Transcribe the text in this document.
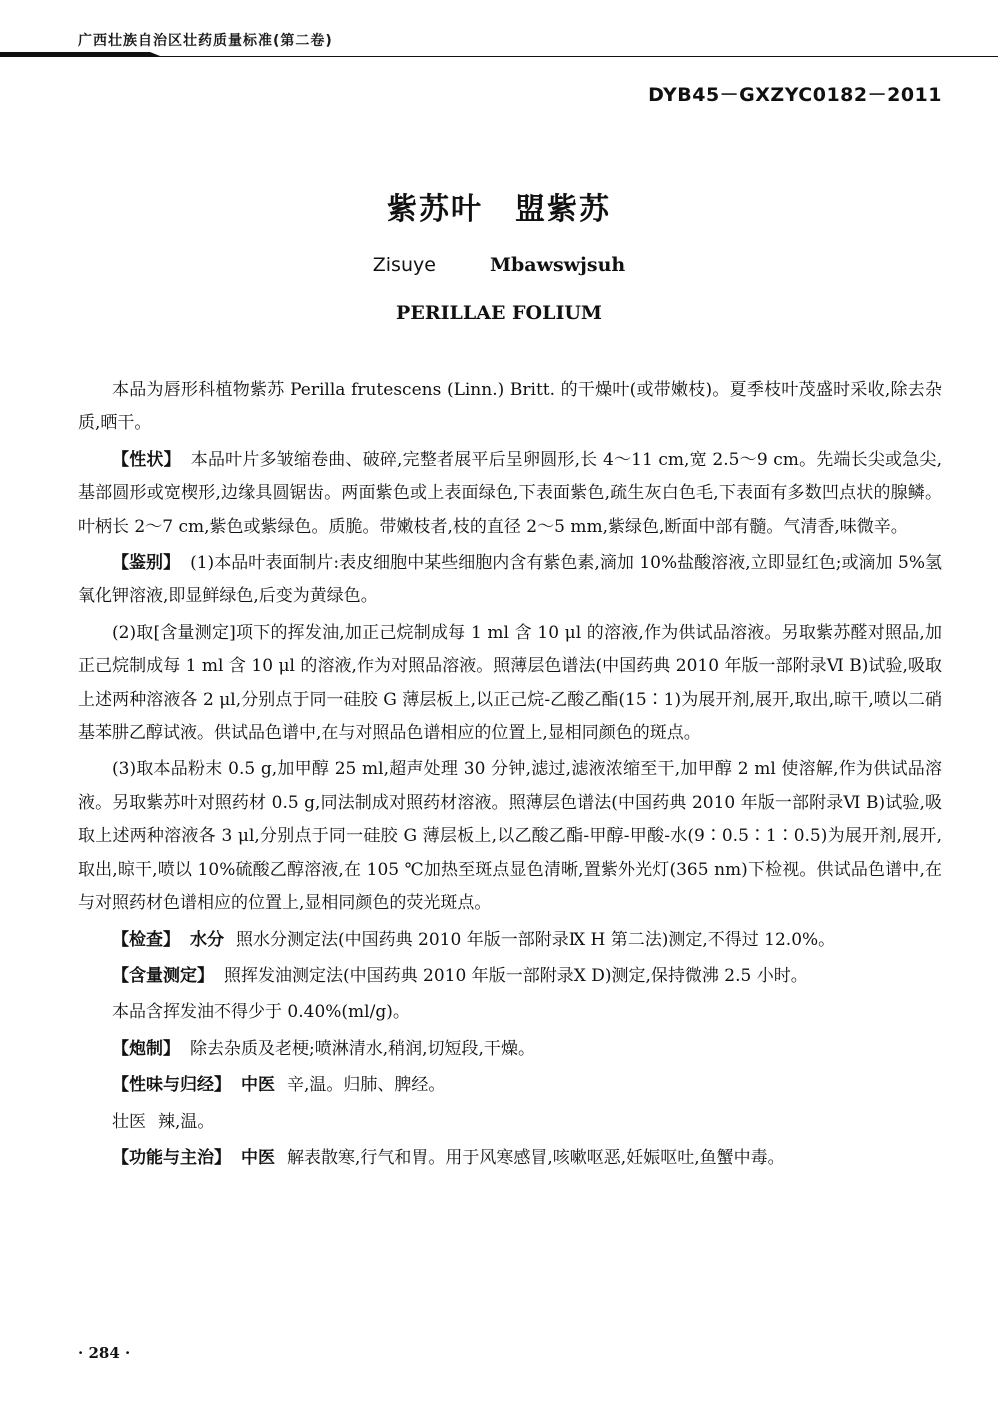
广西壮族自治区壮药质量标准(第二卷)
DYB45－GXZYC0182－2011
紫苏叶　盟紫苏
Zisuye	Mbawswjsuh
PERILLAE FOLIUM

本品为唇形科植物紫苏 Perilla frutescens (Linn.) Britt. 的干燥叶(或带嫩枝)。夏季枝叶茂盛时采收,除去杂质,晒干。

【性状】 本品叶片多皱缩卷曲、破碎,完整者展平后呈卵圆形,长 4～11 cm,宽 2.5～9 cm。先端长尖或急尖,基部圆形或宽楔形,边缘具圆锯齿。两面紫色或上表面绿色,下表面紫色,疏生灰白色毛,下表面有多数凹点状的腺鳞。叶柄长 2～7 cm,紫色或紫绿色。质脆。带嫩枝者,枝的直径 2～5 mm,紫绿色,断面中部有髓。气清香,味微辛。

【鉴别】 (1)本品叶表面制片:表皮细胞中某些细胞内含有紫色素,滴加 10%盐酸溶液,立即显红色;或滴加 5%氢氧化钾溶液,即显鲜绿色,后变为黄绿色。

(2)取[含量测定]项下的挥发油,加正己烷制成每 1 ml 含 10 μl 的溶液,作为供试品溶液。另取紫苏醛对照品,加正己烷制成每 1 ml 含 10 μl 的溶液,作为对照品溶液。照薄层色谱法(中国药典 2010 年版一部附录Ⅵ B)试验,吸取上述两种溶液各 2 μl,分别点于同一硅胶 G 薄层板上,以正己烷-乙酸乙酯(15∶1)为展开剂,展开,取出,晾干,喷以二硝基苯肼乙醇试液。供试品色谱中,在与对照品色谱相应的位置上,显相同颜色的斑点。

(3)取本品粉末 0.5 g,加甲醇 25 ml,超声处理 30 分钟,滤过,滤液浓缩至干,加甲醇 2 ml 使溶解,作为供试品溶液。另取紫苏叶对照药材 0.5 g,同法制成对照药材溶液。照薄层色谱法(中国药典 2010 年版一部附录Ⅵ B)试验,吸取上述两种溶液各 3 μl,分别点于同一硅胶 G 薄层板上,以乙酸乙酯-甲醇-甲酸-水(9∶0.5∶1∶0.5)为展开剂,展开,取出,晾干,喷以 10%硫酸乙醇溶液,在 105 ℃加热至斑点显色清晰,置紫外光灯(365 nm)下检视。供试品色谱中,在与对照药材色谱相应的位置上,显相同颜色的荧光斑点。

【检查】 水分 照水分测定法(中国药典 2010 年版一部附录Ⅸ H 第二法)测定,不得过 12.0%。

【含量测定】 照挥发油测定法(中国药典 2010 年版一部附录Ⅹ D)测定,保持微沸 2.5 小时。

本品含挥发油不得少于 0.40%(ml/g)。

【炮制】 除去杂质及老梗;喷淋清水,稍润,切短段,干燥。

【性味与归经】 中医 辛,温。归肺、脾经。

壮医 辣,温。

【功能与主治】 中医 解表散寒,行气和胃。用于风寒感冒,咳嗽呕恶,妊娠呕吐,鱼蟹中毒。

· 284 ·
